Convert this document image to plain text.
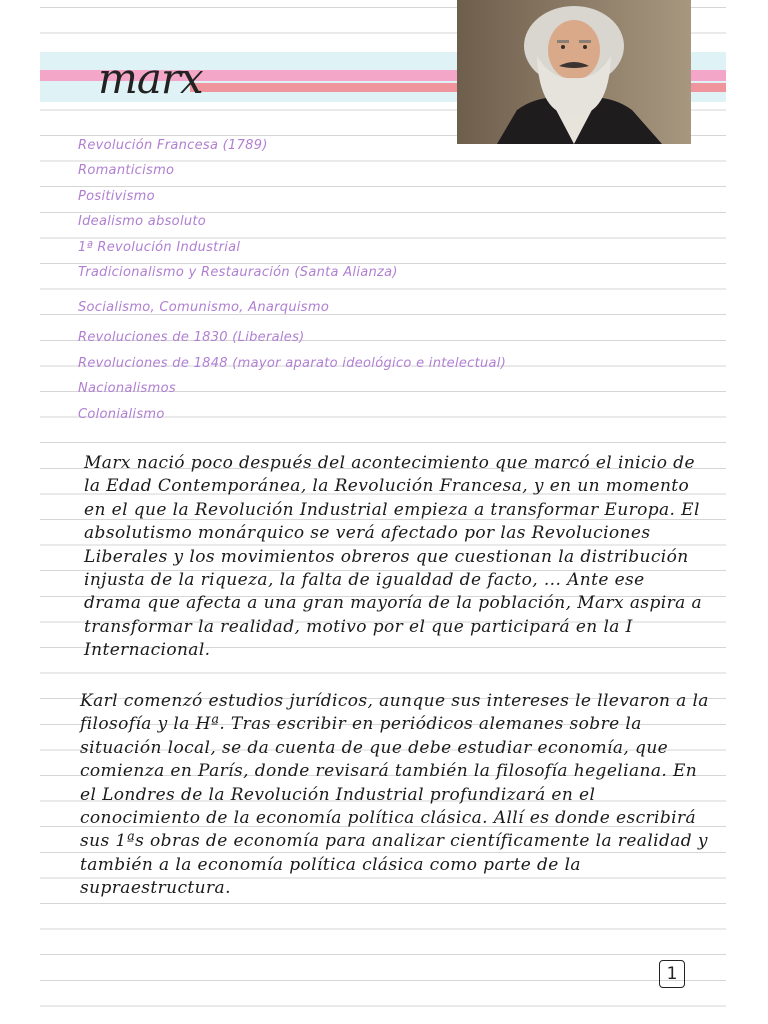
marx
Revolución Francesa (1789)
Romanticismo
Positivismo
Idealismo absoluto
1ª Revolución Industrial
Tradicionalismo y Restauración (Santa Alianza)
Socialismo, Comunismo, Anarquismo
Revoluciones de 1830 (Liberales)
Revoluciones de 1848 (mayor aparato ideológico e intelectual)
Nacionalismos
Colonialismo

Marx nació poco después del acontecimiento que marcó el inicio de la Edad Contemporánea, la Revolución Francesa, y en un momento en el que la Revolución Industrial empieza a transformar Europa. El absolutismo monárquico se verá afectado por las Revoluciones Liberales y los movimientos obreros que cuestionan la distribución injusta de la riqueza, la falta de igualdad de facto, ... Ante ese drama que afecta a una gran mayoría de la población, Marx aspira a transformar la realidad, motivo por el que participará en la I Internacional.

Karl comenzó estudios jurídicos, aunque sus intereses le llevaron a la filosofía y la Hª. Tras escribir en periódicos alemanes sobre la situación local, se da cuenta de que debe estudiar economía, que comienza en París, donde revisará también la filosofía hegeliana. En el Londres de la Revolución Industrial profundizará en el conocimiento de la economía política clásica. Allí es donde escribirá sus 1ªs obras de economía para analizar científicamente la realidad y también a la economía política clásica como parte de la supraestructura.

1
